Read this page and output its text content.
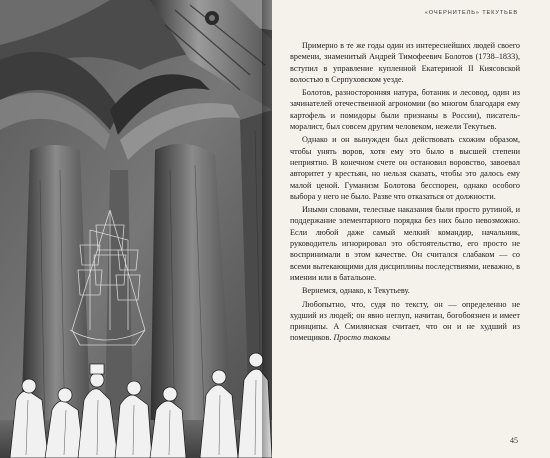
«ОЧЕРНИТЕЛЬ» ТЕКУТЬЕВ

Примерно в те же годы один из интереснейших людей своего времени, знаменитый Андрей Тимофеевич Болотов (1738–1833), вступил в управление купленной Екатериной II Киясовской волостью в Серпуховском уезде.

Болотов, разносторонняя натура, ботаник и лесовод, один из зачинателей отечественной агрономии (во многом благодаря ему картофель и помидоры были признаны в России), писатель-моралист, был совсем другим человеком, нежели Текутьев.

Однако и он вынужден был действовать схожим образом, чтобы унять воров, хотя ему это было в высшей степени неприятно. В конечном счете он остановил воровство, завоевал авторитет у крестьян, но нельзя сказать, чтобы это далось ему малой ценой. Гуманизм Болотова бесспорен, однако особого выбора у него не было. Разве что отказаться от должности.

Иными словами, телесные наказания были просто рутиной, и поддержание элементарного порядка без них было невозможно. Если любой даже самый мелкий командир, начальник, руководитель игнорировал это обстоятельство, его просто не воспринимали в этом качестве. Он считался слабаком — со всеми вытекающими для дисциплины последствиями, неважно, в имении или в батальоне.

Вернемся, однако, к Текутьеву.

Любопытно, что, судя по тексту, он — определенно не худший из людей; он явно неглуп, начитан, богобоязнен и имеет принципы. А Смилянская считает, что он и не худший из помещиков. Просто таковы

45
